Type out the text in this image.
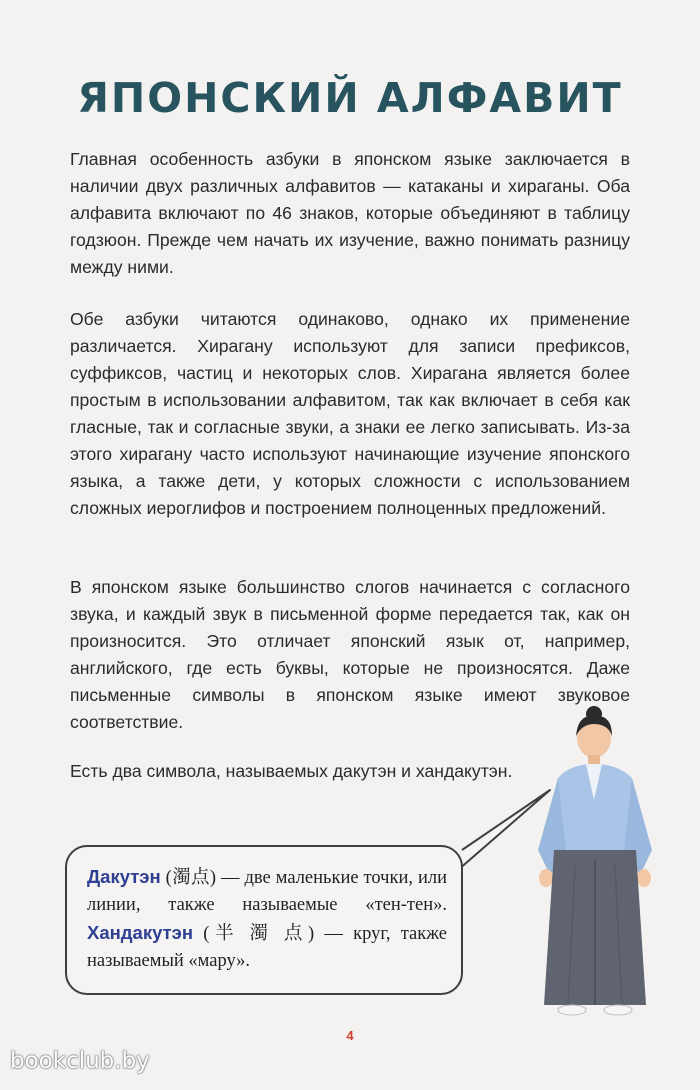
ЯПОНСКИЙ АЛФАВИТ

Главная особенность азбуки в японском языке заключается в наличии двух различных алфавитов — катаканы и хираганы. Оба алфавита включают по 46 знаков, которые объединяют в таблицу годзюон. Прежде чем начать их изучение, важно понимать разницу между ними.

Обе азбуки читаются одинаково, однако их применение различается. Хирагану используют для записи префиксов, суффиксов, частиц и некоторых слов. Хирагана является более простым в использовании алфавитом, так как включает в себя как гласные, так и согласные звуки, а знаки ее легко записывать. Из-за этого хирагану часто используют начинающие изучение японского языка, а также дети, у которых сложности с использованием сложных иероглифов и построением полноценных предложений.

В японском языке большинство слогов начинается с согласного звука, и каждый звук в письменной форме передается так, как он произносится. Это отличает японский язык от, например, английского, где есть буквы, которые не произносятся. Даже письменные символы в японском языке имеют звуковое соответствие.

Есть два символа, называемых дакутэн и хандакутэн.

Дакутэн (濁点) — две маленькие точки, или линии, также называемые «тен-тен». Хандакутэн (半 濁 点) — круг, также называемый «мару».

4
bookclub.by
